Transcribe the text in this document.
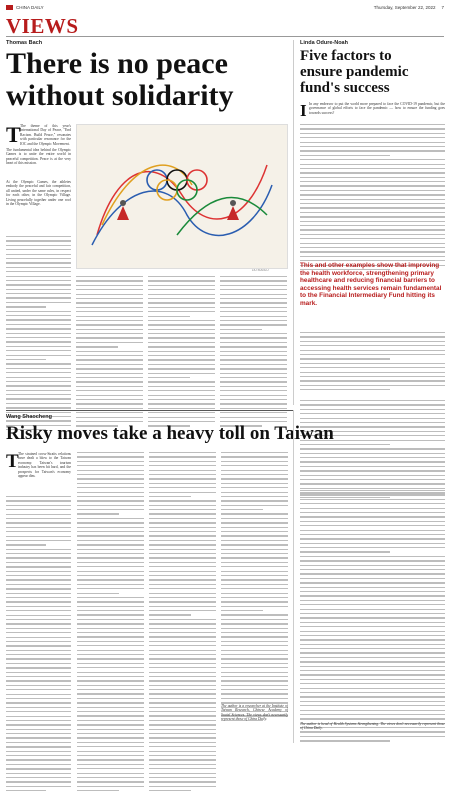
CHINA DAILY	Thursday, September 22, 2022 7
VIEWS
Thomas Bach
There is no peace
without solidarity
T The theme of this year's International Day of Peace, "End Racism. Build Peace," resonates with particular resonance for the IOC and the Olympic Movement.
The fundamental idea behind the Olympic Games is to unite the entire world in peaceful competition. Peace is at the very heart of this mission.
At the Olympic Games, the athletes embody the peaceful and fair competition, all united, under the same rules, in respect for each other, in the Olympic Village. Living peacefully together under one roof in the Olympic Village.
LIU XIAOLU
Linda Odure-Noah
Five factors to
ensure pandemic
fund's success
I In any endeavor to put the world more prepared to face the COVID-19 pandemic, but the governance of global efforts to face the pandemic — how to ensure the funding goes towards success?
This and other examples show that improving the health workforce, strengthening primary healthcare and reducing financial barriers to accessing health services remain fundamental to the Financial Intermediary Fund hitting its mark.
The author is head of Health Systems Strengthening. The views don't necessarily represent those of China Daily.
Wang Shaocheng
Risky moves take a heavy toll on Taiwan
T The strained cross-Straits relations have dealt a blow to the Taiwan economy. Taiwan's tourism industry has been hit hard, and the prospects for Taiwan's economy appear dim.
The author is a researcher at the Institute of Taiwan Research, Chinese Academy of Social Sciences. The views don't necessarily represent those of China Daily.
